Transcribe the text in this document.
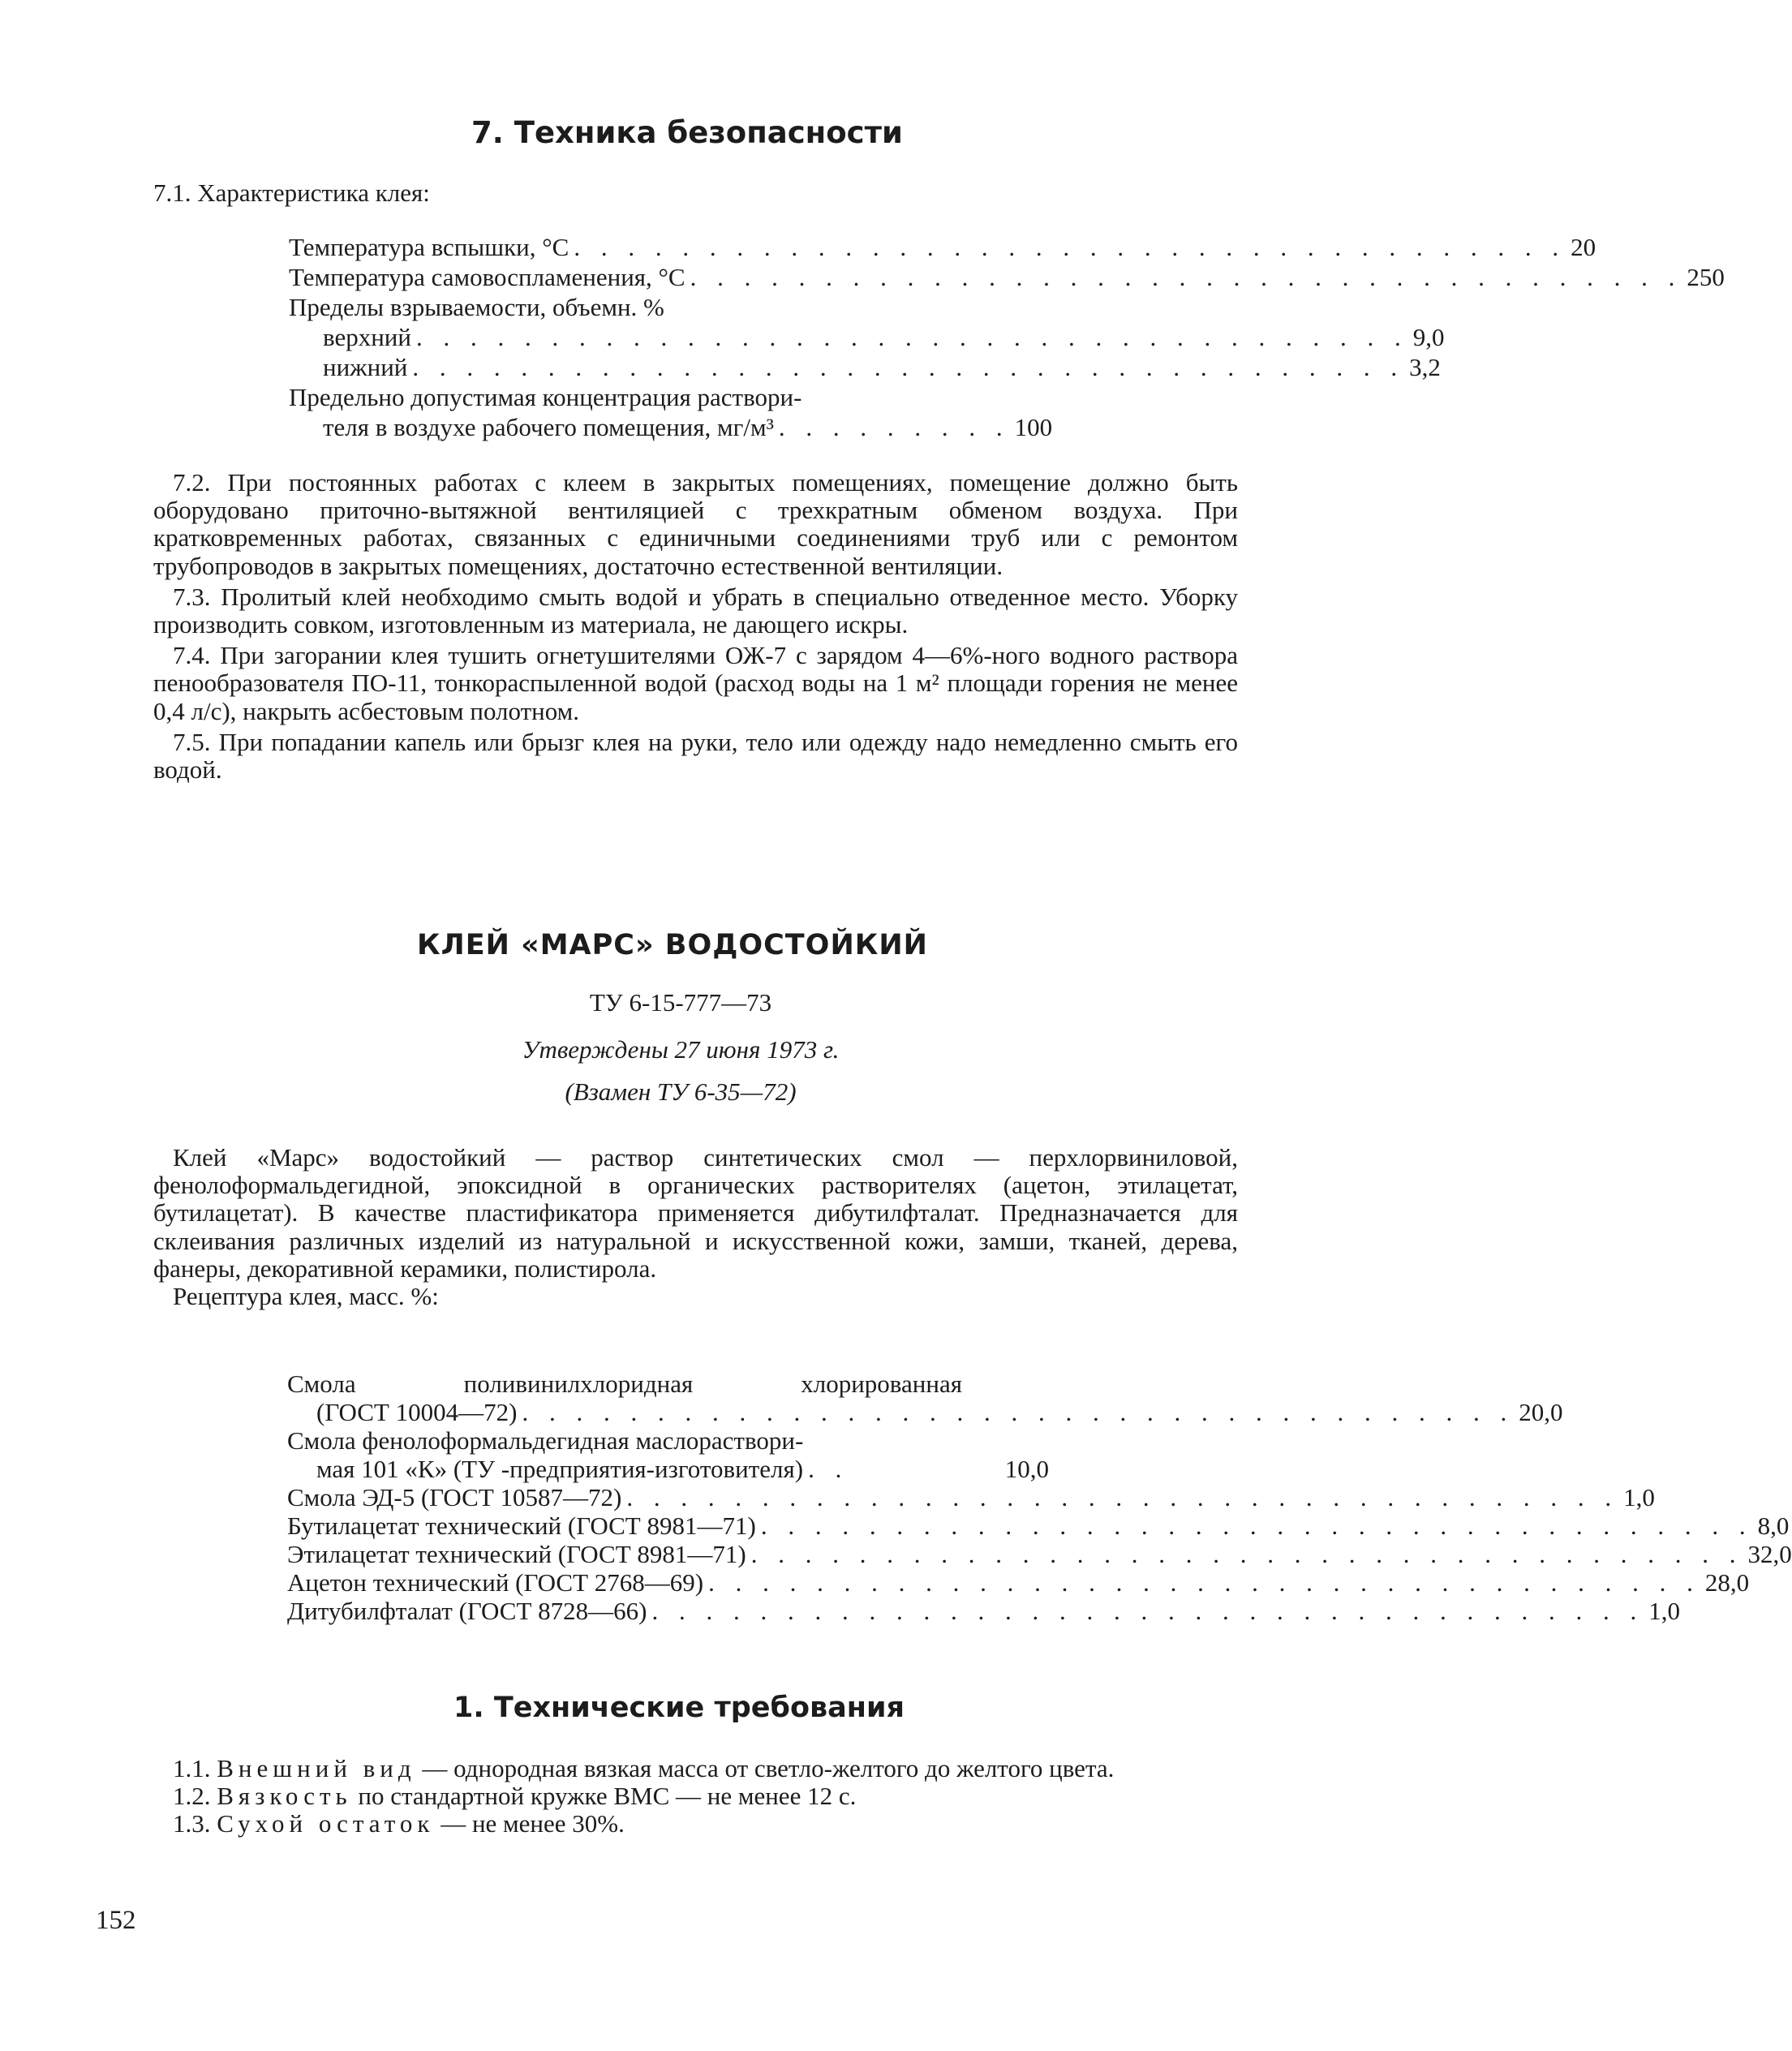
7. Техника безопасности
7.1. Характеристика клея:
Температура вспышки, °С . . . . . . . . . . . . . . . . . . . . . . . . . . . . . . . . . . . . . 20
Температура самовоспламенения, °С . . . . . . . . . . . . . . . . . . . . . . . . . . . . . . . . . . . . . 250
Пределы взрываемости, объемн. %
верхний . . . . . . . . . . . . . . . . . . . . . . . . . . . . . . . . . . . . . 9,0
нижний . . . . . . . . . . . . . . . . . . . . . . . . . . . . . . . . . . . . . 3,2
Предельно допустимая концентрация раствори-
теля в воздухе рабочего помещения, мг/м³ . . . . . . . . . 100

7.2. При постоянных работах с клеем в закрытых помещениях, помещение должно быть оборудовано приточно-вытяжной вентиляцией с трехкратным обменом воздуха. При кратковременных работах, связанных с единичными соединениями труб или с ремонтом трубопроводов в закрытых помещениях, достаточно естественной вентиляции.

7.3. Пролитый клей необходимо смыть водой и убрать в специально отведенное место. Уборку производить совком, изготовленным из материала, не дающего искры.

7.4. При загорании клея тушить огнетушителями ОЖ-7 с зарядом 4—6%-ного водного раствора пенообразователя ПО-11, тонкораспыленной водой (расход воды на 1 м² площади горения не менее 0,4 л/с), накрыть асбестовым полотном.

7.5. При попадании капель или брызг клея на руки, тело или одежду надо немедленно смыть его водой.

КЛЕЙ «МАРС» ВОДОСТОЙКИЙ
ТУ 6-15-777—73
Утверждены 27 июня 1973 г.
(Взамен ТУ 6-35—72)

Клей «Марс» водостойкий — раствор синтетических смол — перхлорвиниловой, фенолоформальдегидной, эпоксидной в органических растворителях (ацетон, этилацетат, бутилацетат). В качестве пластификатора применяется дибутилфталат. Предназначается для склеивания различных изделий из натуральной и искусственной кожи, замши, тканей, дерева, фанеры, декоративной керамики, полистирола.

Рецептура клея, масс. %:

Смола поливинилхлоридная хлорированная
(ГОСТ 10004—72) . . . . . . . . . . . . . . . . . . . . . . . . . . . . . . . . . . . . . 20,0
Смола фенолоформальдегидная маслораствори-
мая 101 «К» (ТУ -предприятия-изготовителя) . .	10,0
Смола ЭД-5 (ГОСТ 10587—72) . . . . . . . . . . . . . . . . . . . . . . . . . . . . . . . . . . . . . 1,0
Бутилацетат технический (ГОСТ 8981—71) . . . . . . . . . . . . . . . . . . . . . . . . . . . . . . . . . . . . . 8,0
Этилацетат технический (ГОСТ 8981—71) . . . . . . . . . . . . . . . . . . . . . . . . . . . . . . . . . . . . . 32,0
Ацетон технический (ГОСТ 2768—69) . . . . . . . . . . . . . . . . . . . . . . . . . . . . . . . . . . . . . 28,0
Дитубилфталат (ГОСТ 8728—66) . . . . . . . . . . . . . . . . . . . . . . . . . . . . . . . . . . . . . 1,0
1. Технические требования

1.1. Внешний вид — однородная вязкая масса от светло-желтого до желтого цвета.

1.2. Вязкость по стандартной кружке ВМС — не менее 12 с.

1.3. Сухой остаток — не менее 30%.

152
